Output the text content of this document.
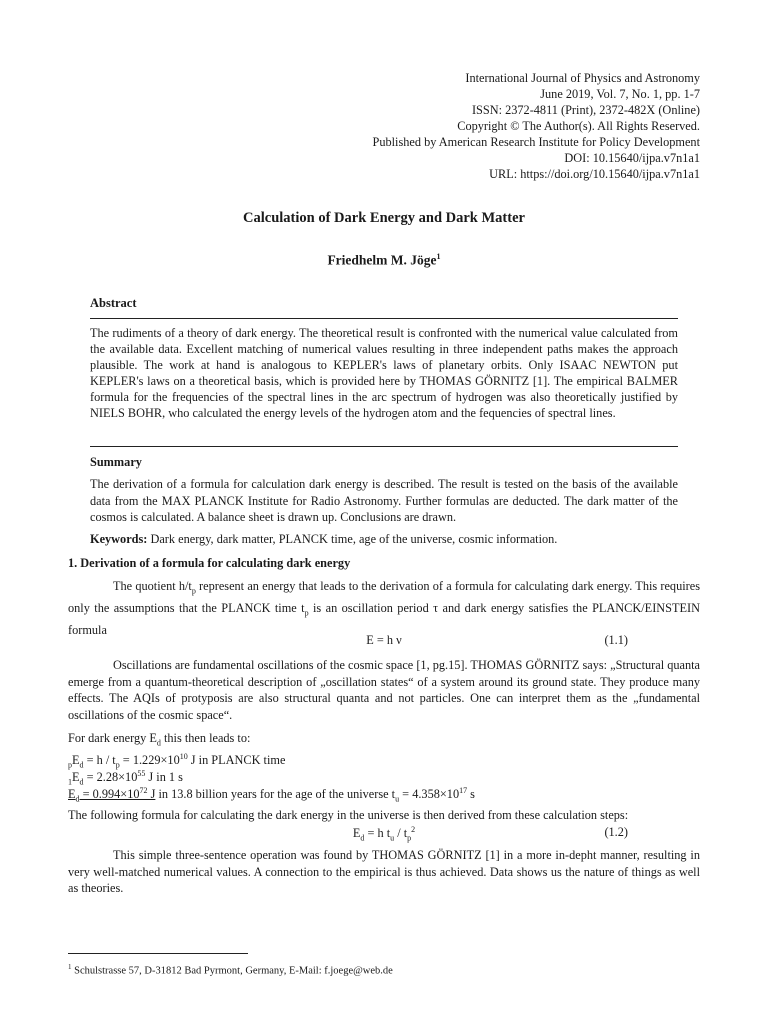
International Journal of Physics and Astronomy
June 2019, Vol. 7, No. 1, pp. 1-7
ISSN: 2372-4811 (Print), 2372-482X (Online)
Copyright © The Author(s). All Rights Reserved.
Published by American Research Institute for Policy Development
DOI: 10.15640/ijpa.v7n1a1
URL: https://doi.org/10.15640/ijpa.v7n1a1
Calculation of Dark Energy and Dark Matter
Friedhelm M. Jöge$^1$
Abstract
The rudiments of a theory of dark energy. The theoretical result is confronted with the numerical value calculated from the available data. Excellent matching of numerical values resulting in three independent paths makes the approach plausible. The work at hand is analogous to KEPLER's laws of planetary orbits. Only ISAAC NEWTON put KEPLER's laws on a theoretical basis, which is provided here by THOMAS GÖRNITZ [1]. The empirical BALMER formula for the frequencies of the spectral lines in the arc spectrum of hydrogen was also theoretically justified by NIELS BOHR, who calculated the energy levels of the hydrogen atom and the fequencies of spectral lines.
Summary
The derivation of a formula for calculation dark energy is described. The result is tested on the basis of the available data from the MAX PLANCK Institute for Radio Astronomy. Further formulas are deducted. The dark matter of the cosmos is calculated. A balance sheet is drawn up. Conclusions are drawn.
Keywords: Dark energy, dark matter, PLANCK time, age of the universe, cosmic information.
1. Derivation of a formula for calculating dark energy
The quotient $h/t_p$ represent an energy that leads to the derivation of a formula for calculating dark energy. This requires only the assumptions that the PLANCK time $t_p$ is an oscillation period τ and dark energy satisfies the PLANCK/EINSTEIN formula
E = h ν	(1.1)
Oscillations are fundamental oscillations of the cosmic space [1, pg.15]. THOMAS GÖRNITZ says: „Structural quanta emerge from a quantum-theoretical description of „oscillation states“ of a system around its ground state. They produce many effects. The AQIs of protyposis are also structural quanta and not particles. One can interpret them as the „fundamental oscillations of the cosmic space“.
For dark energy $E_d$ this then leads to:
$_pE_d = h / t_p = 1.229\times 10^{10}$ J in PLANCK time
$_1E_d = 2.28\times 10^{55}$ J in 1 s
$E_d = 0.994\times 10^{72}$ J in 13.8 billion years for the age of the universe $t_u = 4.358\times 10^{17}$ s
The following formula for calculating the dark energy in the universe is then derived from these calculation steps:
$E_d = h$ $t_u / t_p^2$	(1.2)
This simple three-sentence operation was found by THOMAS GÖRNITZ [1] in a more in-depht manner, resulting in very well-matched numerical values. A connection to the empirical is thus achieved. Data shows us the nature of things as well as theories.
$^1$ Schulstrasse 57, D-31812 Bad Pyrmont, Germany, E-Mail: f.joege@web.de
